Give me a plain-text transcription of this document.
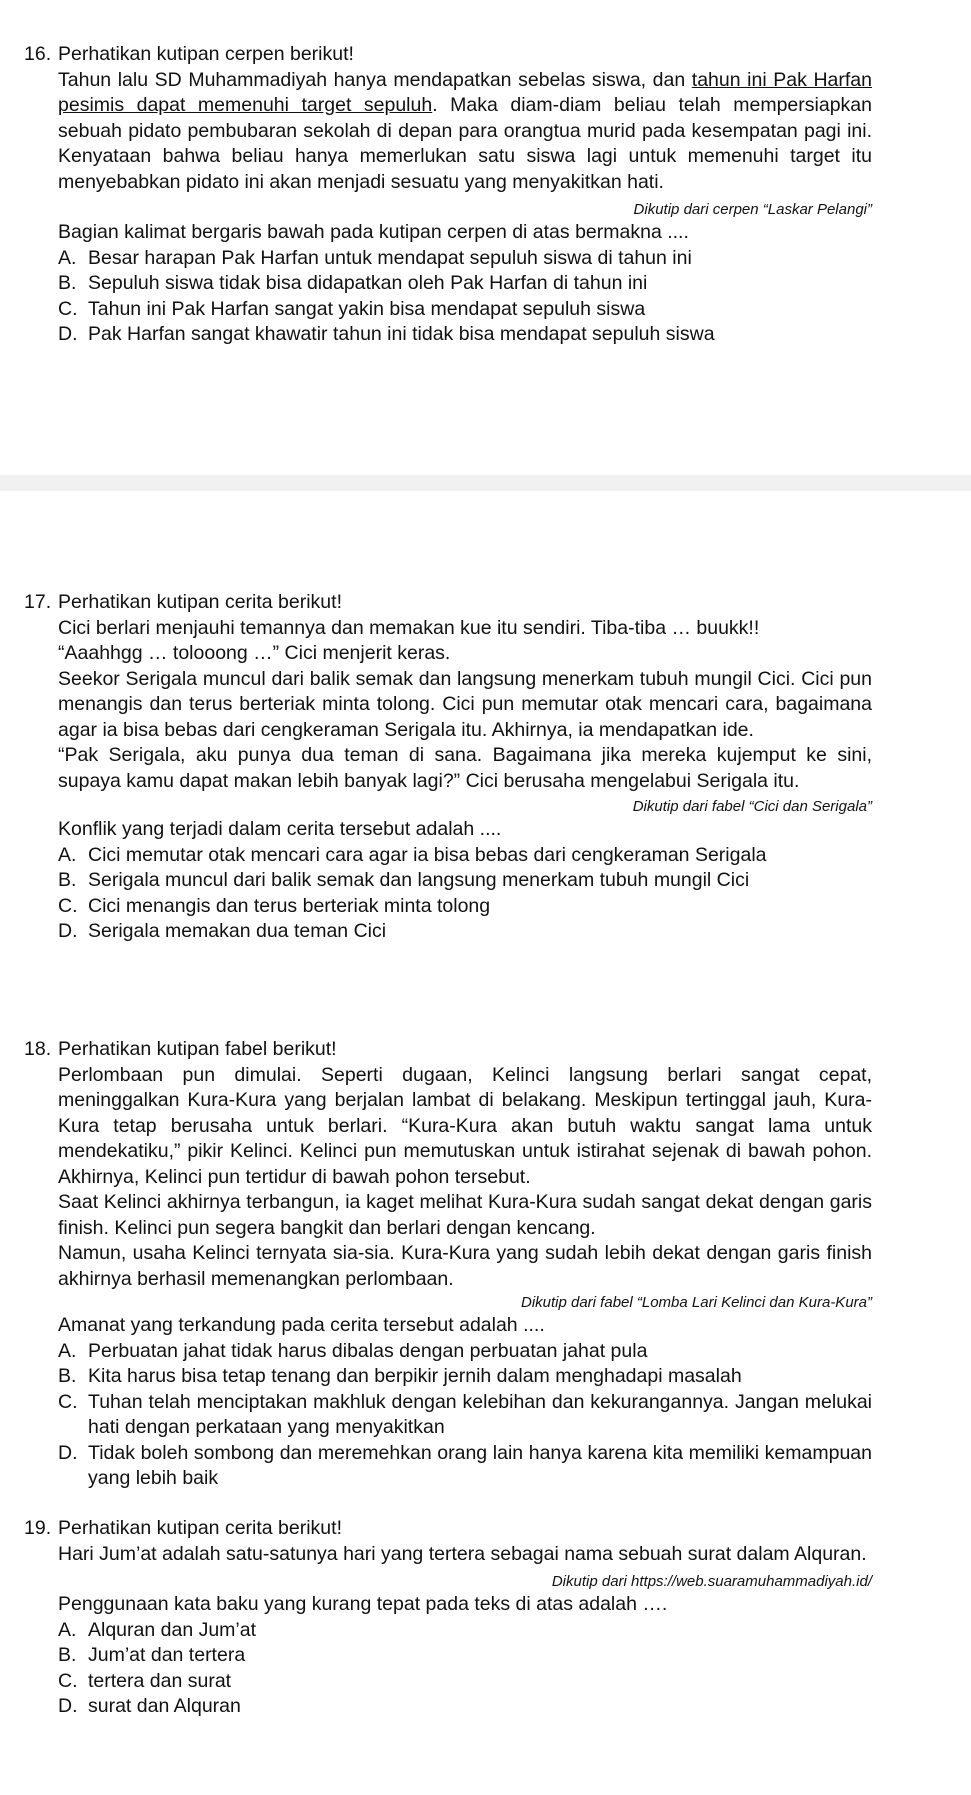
16. Perhatikan kutipan cerpen berikut!

Tahun lalu SD Muhammadiyah hanya mendapatkan sebelas siswa, dan tahun ini Pak Harfan pesimis dapat memenuhi target sepuluh. Maka diam-diam beliau telah mempersiapkan sebuah pidato pembubaran sekolah di depan para orangtua murid pada kesempatan pagi ini. Kenyataan bahwa beliau hanya memerlukan satu siswa lagi untuk memenuhi target itu menyebabkan pidato ini akan menjadi sesuatu yang menyakitkan hati.

Dikutip dari cerpen “Laskar Pelangi”

Bagian kalimat bergaris bawah pada kutipan cerpen di atas bermakna ....

A. Besar harapan Pak Harfan untuk mendapat sepuluh siswa di tahun ini
B. Sepuluh siswa tidak bisa didapatkan oleh Pak Harfan di tahun ini
C. Tahun ini Pak Harfan sangat yakin bisa mendapat sepuluh siswa
D. Pak Harfan sangat khawatir tahun ini tidak bisa mendapat sepuluh siswa
17. Perhatikan kutipan cerita berikut!

Cici berlari menjauhi temannya dan memakan kue itu sendiri. Tiba-tiba … buukk!!

“Aaahhgg … tolooong …” Cici menjerit keras.

Seekor Serigala muncul dari balik semak dan langsung menerkam tubuh mungil Cici. Cici pun menangis dan terus berteriak minta tolong. Cici pun memutar otak mencari cara, bagaimana agar ia bisa bebas dari cengkeraman Serigala itu. Akhirnya, ia mendapatkan ide.

“Pak Serigala, aku punya dua teman di sana. Bagaimana jika mereka kujemput ke sini, supaya kamu dapat makan lebih banyak lagi?” Cici berusaha mengelabui Serigala itu.

Dikutip dari fabel “Cici dan Serigala”

Konflik yang terjadi dalam cerita tersebut adalah ....

A. Cici memutar otak mencari cara agar ia bisa bebas dari cengkeraman Serigala
B. Serigala muncul dari balik semak dan langsung menerkam tubuh mungil Cici
C. Cici menangis dan terus berteriak minta tolong
D. Serigala memakan dua teman Cici
18. Perhatikan kutipan fabel berikut!

Perlombaan pun dimulai. Seperti dugaan, Kelinci langsung berlari sangat cepat, meninggalkan Kura-Kura yang berjalan lambat di belakang. Meskipun tertinggal jauh, Kura-Kura tetap berusaha untuk berlari. “Kura-Kura akan butuh waktu sangat lama untuk mendekatiku,” pikir Kelinci. Kelinci pun memutuskan untuk istirahat sejenak di bawah pohon. Akhirnya, Kelinci pun tertidur di bawah pohon tersebut.

Saat Kelinci akhirnya terbangun, ia kaget melihat Kura-Kura sudah sangat dekat dengan garis finish. Kelinci pun segera bangkit dan berlari dengan kencang.

Namun, usaha Kelinci ternyata sia-sia. Kura-Kura yang sudah lebih dekat dengan garis finish akhirnya berhasil memenangkan perlombaan.

Dikutip dari fabel “Lomba Lari Kelinci dan Kura-Kura”

Amanat yang terkandung pada cerita tersebut adalah ....

A. Perbuatan jahat tidak harus dibalas dengan perbuatan jahat pula
B. Kita harus bisa tetap tenang dan berpikir jernih dalam menghadapi masalah
C. Tuhan telah menciptakan makhluk dengan kelebihan dan kekurangannya. Jangan melukai hati dengan perkataan yang menyakitkan
D. Tidak boleh sombong dan meremehkan orang lain hanya karena kita memiliki kemampuan yang lebih baik
19. Perhatikan kutipan cerita berikut!

Hari Jum’at adalah satu-satunya hari yang tertera sebagai nama sebuah surat dalam Alquran.

Dikutip dari https://web.suaramuhammadiyah.id/

Penggunaan kata baku yang kurang tepat pada teks di atas adalah ….

A. Alquran dan Jum’at
B. Jum’at dan tertera
C. tertera dan surat
D. surat dan Alquran
